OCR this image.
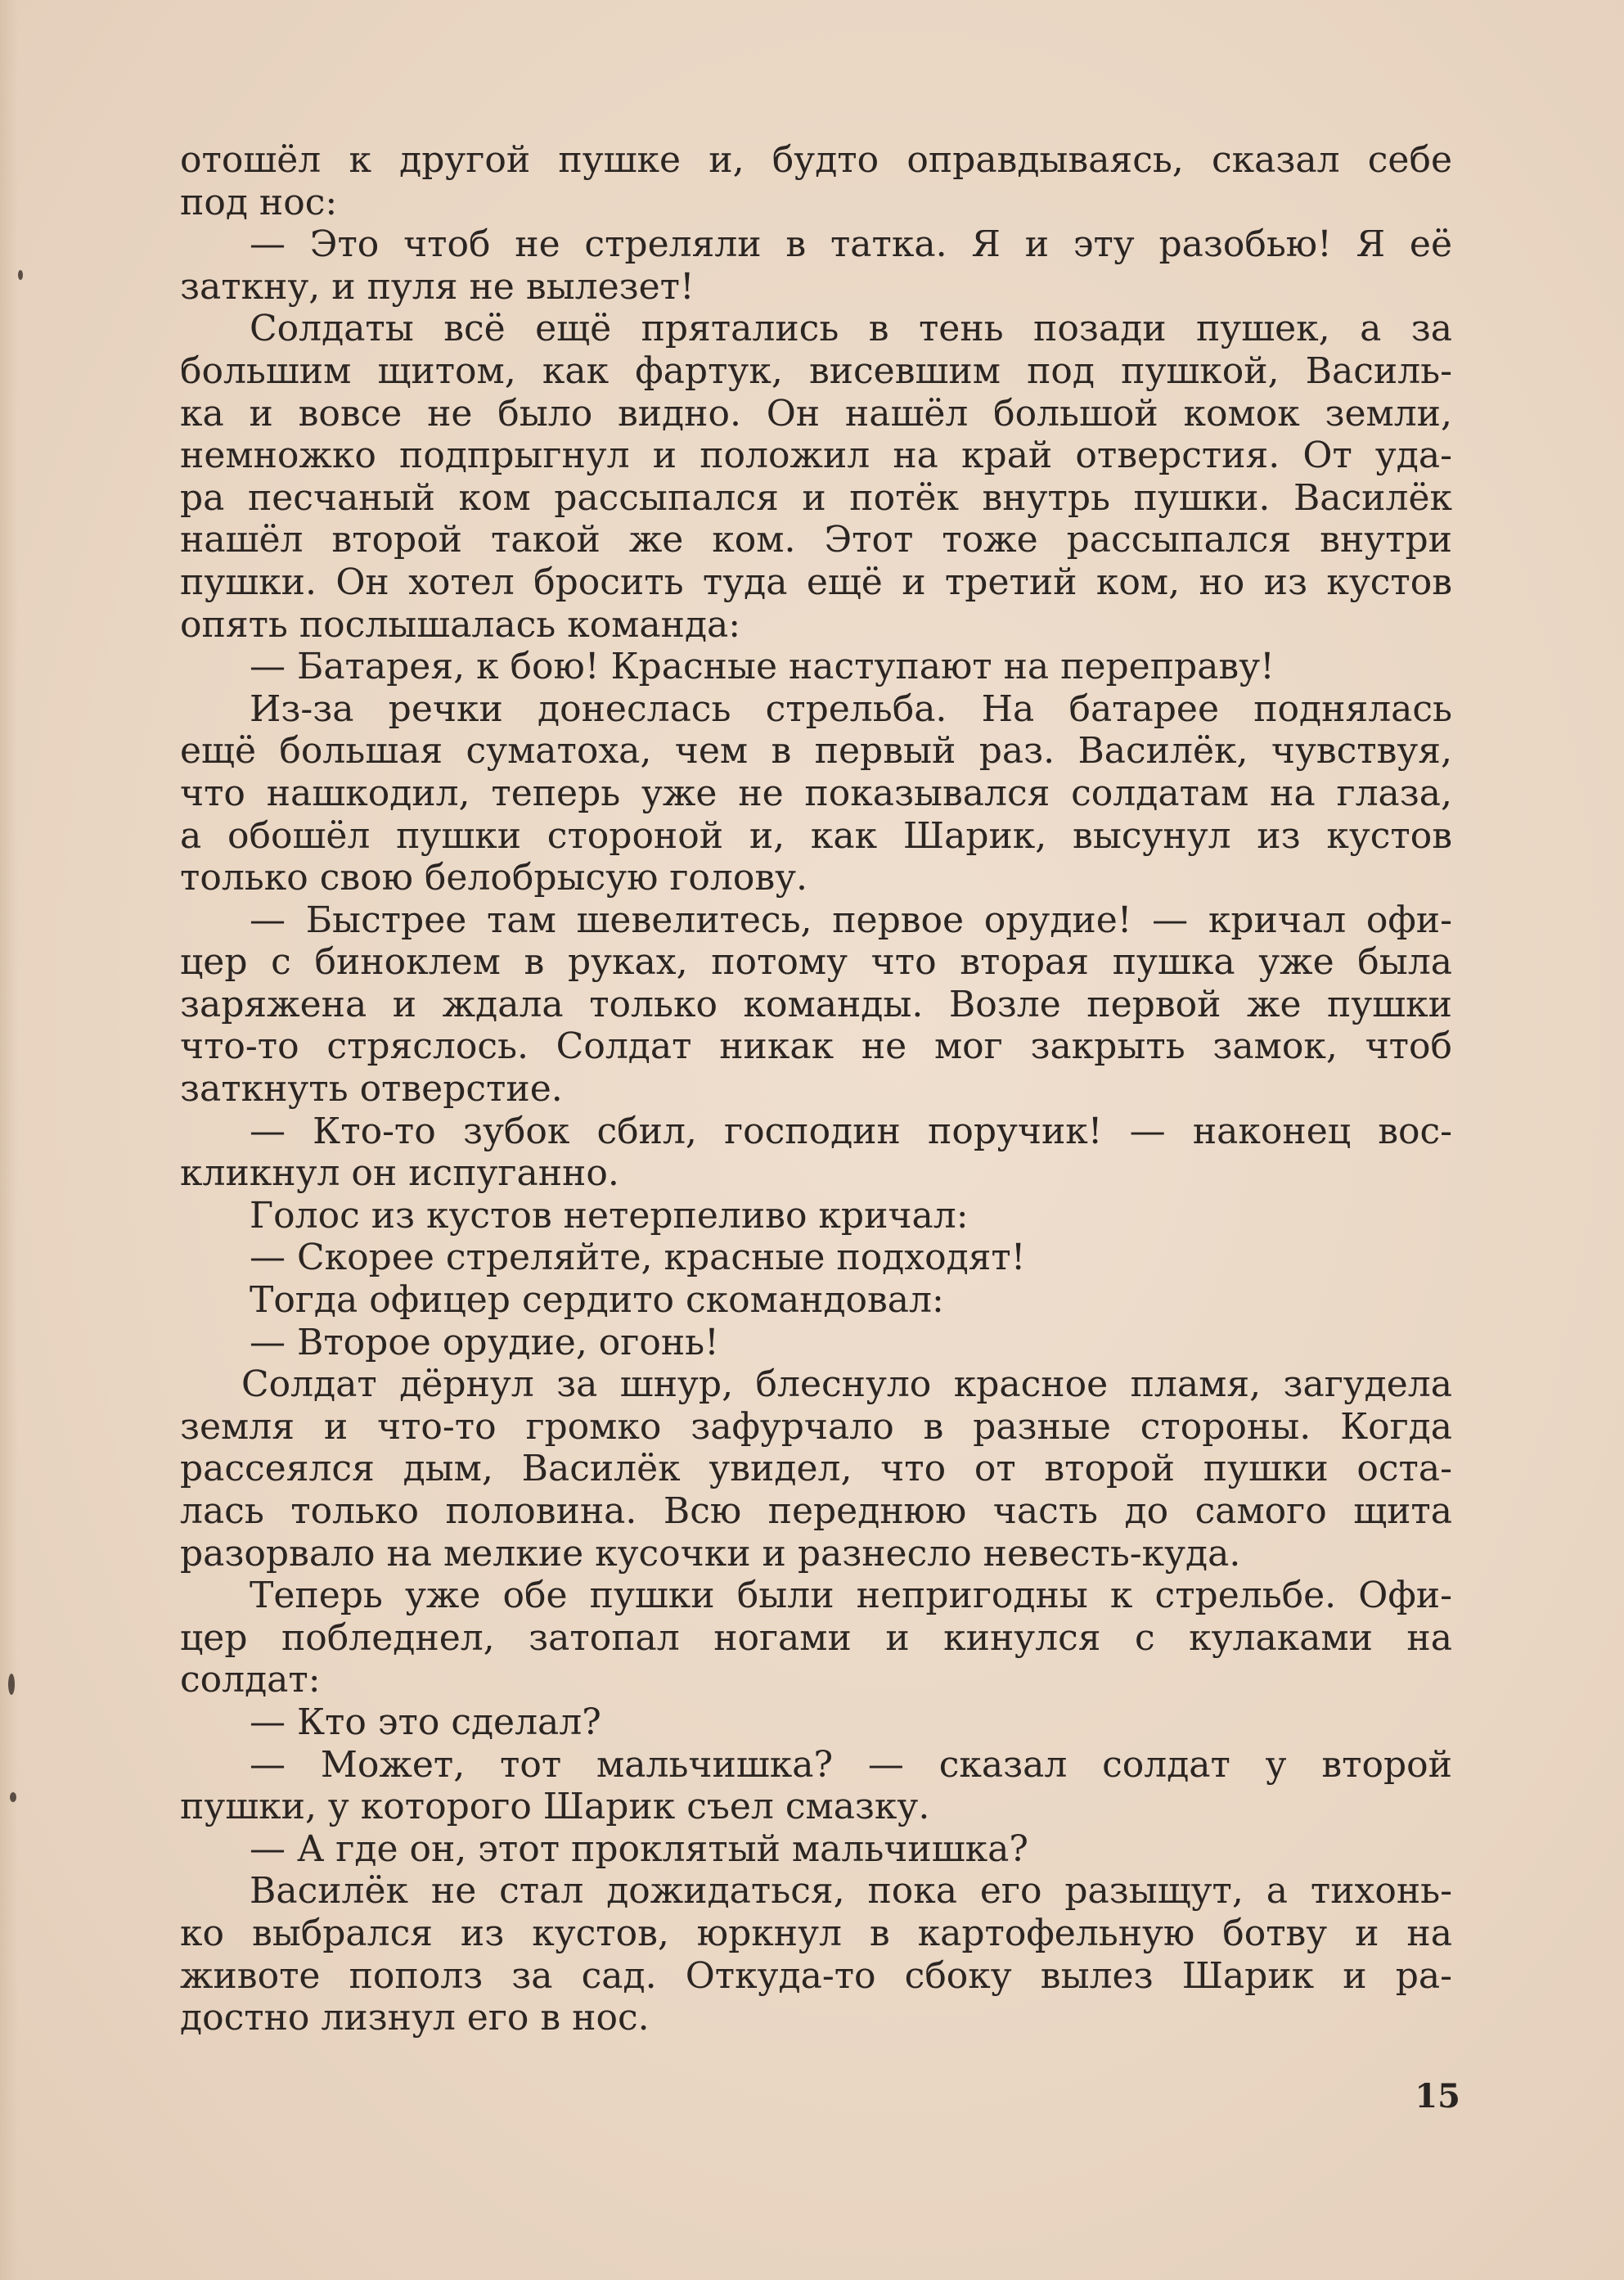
отошёл к другой пушке и, будто оправдываясь, сказал себе
под нос:
— Это чтоб не стреляли в татка. Я и эту разобью! Я её
заткну, и пуля не вылезет!
Солдаты всё ещё прятались в тень позади пушек, а за
большим щитом, как фартук, висевшим под пушкой, Василь-
ка и вовсе не было видно. Он нашёл большой комок земли,
немножко подпрыгнул и положил на край отверстия. От уда-
ра песчаный ком рассыпался и потёк внутрь пушки. Василёк
нашёл второй такой же ком. Этот тоже рассыпался внутри
пушки. Он хотел бросить туда ещё и третий ком, но из кустов
опять послышалась команда:
— Батарея, к бою! Красные наступают на переправу!
Из-за речки донеслась стрельба. На батарее поднялась
ещё большая суматоха, чем в первый раз. Василёк, чувствуя,
что нашкодил, теперь уже не показывался солдатам на глаза,
а обошёл пушки стороной и, как Шарик, высунул из кустов
только свою белобрысую голову.
— Быстрее там шевелитесь, первое орудие! — кричал офи-
цер с биноклем в руках, потому что вторая пушка уже была
заряжена и ждала только команды. Возле первой же пушки
что-то стряслось. Солдат никак не мог закрыть замок, чтоб
заткнуть отверстие.
— Кто-то зубок сбил, господин поручик! — наконец вос-
кликнул он испуганно.
Голос из кустов нетерпеливо кричал:
— Скорее стреляйте, красные подходят!
Тогда офицер сердито скомандовал:
— Второе орудие, огонь!
Солдат дёрнул за шнур, блеснуло красное пламя, загудела
земля и что-то громко зафурчало в разные стороны. Когда
рассеялся дым, Василёк увидел, что от второй пушки оста-
лась только половина. Всю переднюю часть до самого щита
разорвало на мелкие кусочки и разнесло невесть-куда.
Теперь уже обе пушки были непригодны к стрельбе. Офи-
цер побледнел, затопал ногами и кинулся с кулаками на
солдат:
— Кто это сделал?
— Может, тот мальчишка? — сказал солдат у второй
пушки, у которого Шарик съел смазку.
— А где он, этот проклятый мальчишка?
Василёк не стал дожидаться, пока его разыщут, а тихонь-
ко выбрался из кустов, юркнул в картофельную ботву и на
животе пополз за сад. Откуда-то сбоку вылез Шарик и ра-
достно лизнул его в нос.
15
